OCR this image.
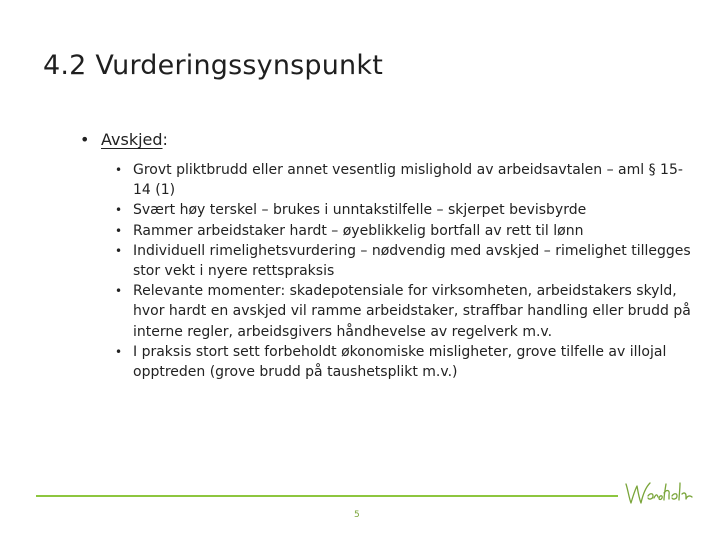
4.2 Vurderingssynspunkt
• Avskjed:
• Grovt pliktbrudd eller annet vesentlig mislighold av arbeidsavtalen – aml § 15-14 (1)
• Svært høy terskel – brukes i unntakstilfelle – skjerpet bevisbyrde
• Rammer arbeidstaker hardt – øyeblikkelig bortfall av rett til lønn
• Individuell rimelighetsvurdering – nødvendig med avskjed – rimelighet tillegges stor vekt i nyere rettspraksis
• Relevante momenter: skadepotensiale for virksomheten, arbeidstakers skyld, hvor hardt en avskjed vil ramme arbeidstaker, straffbar handling eller brudd på interne regler, arbeidsgivers håndhevelse av regelverk m.v.
• I praksis stort sett forbeholdt økonomiske misligheter, grove tilfelle av illojal opptreden (grove brudd på taushetsplikt m.v.)
5
